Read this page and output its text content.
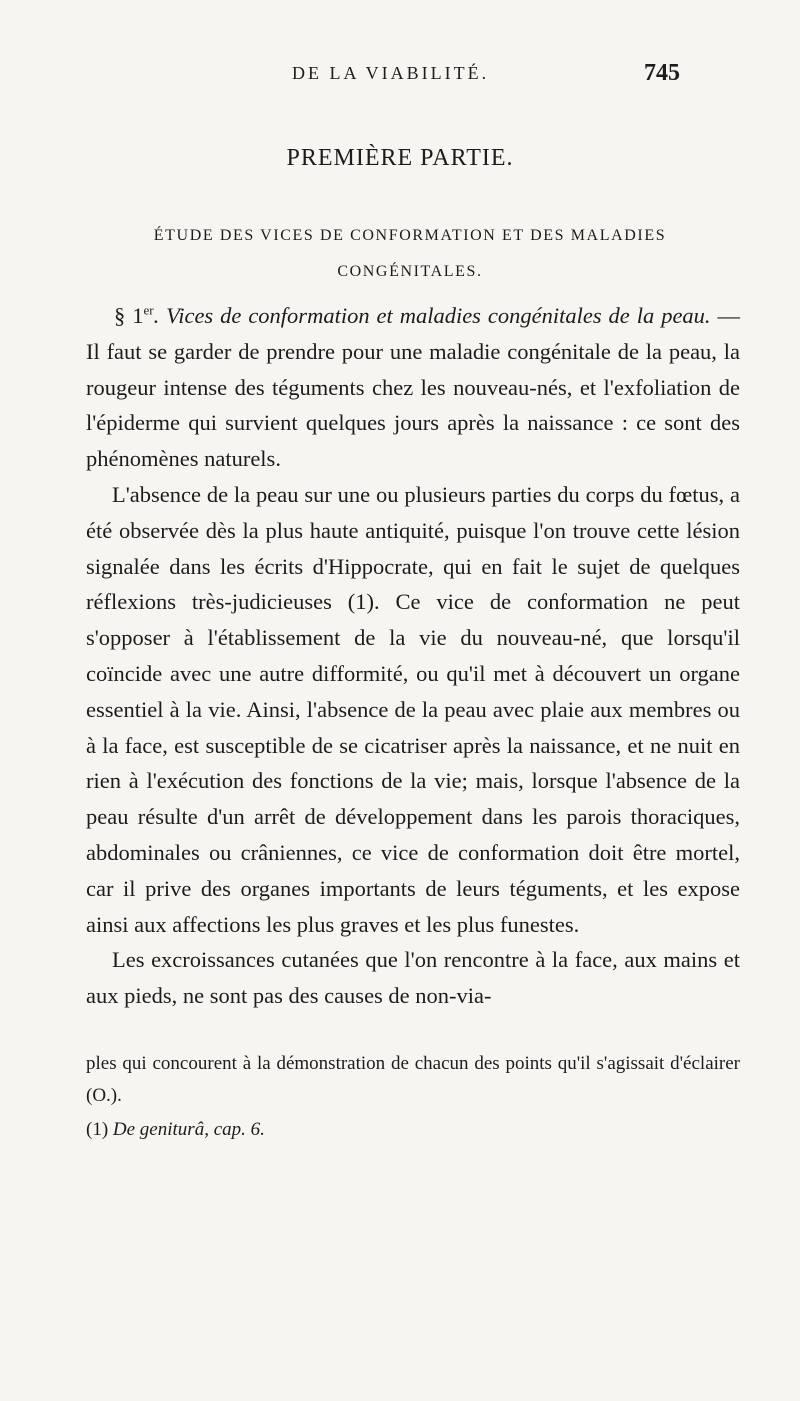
DE LA VIABILITÉ.	745
PREMIÈRE PARTIE.
ÉTUDE DES VICES DE CONFORMATION ET DES MALADIES CONGÉNITALES.

§ 1er. Vices de conformation et maladies congénitales de la peau. — Il faut se garder de prendre pour une maladie congénitale de la peau, la rougeur intense des téguments chez les nouveau-nés, et l'exfoliation de l'épiderme qui survient quelques jours après la naissance : ce sont des phénomènes naturels.

L'absence de la peau sur une ou plusieurs parties du corps du fœtus, a été observée dès la plus haute antiquité, puisque l'on trouve cette lésion signalée dans les écrits d'Hippocrate, qui en fait le sujet de quelques réflexions très-judicieuses (1). Ce vice de conformation ne peut s'opposer à l'établissement de la vie du nouveau-né, que lorsqu'il coïncide avec une autre difformité, ou qu'il met à découvert un organe essentiel à la vie. Ainsi, l'absence de la peau avec plaie aux membres ou à la face, est susceptible de se cicatriser après la naissance, et ne nuit en rien à l'exécution des fonctions de la vie; mais, lorsque l'absence de la peau résulte d'un arrêt de développement dans les parois thoraciques, abdominales ou crâniennes, ce vice de conformation doit être mortel, car il prive des organes importants de leurs téguments, et les expose ainsi aux affections les plus graves et les plus funestes.

Les excroissances cutanées que l'on rencontre à la face, aux mains et aux pieds, ne sont pas des causes de non-via-

ples qui concourent à la démonstration de chacun des points qu'il s'agissait d'éclairer (O.).

(1) De geniturâ, cap. 6.
